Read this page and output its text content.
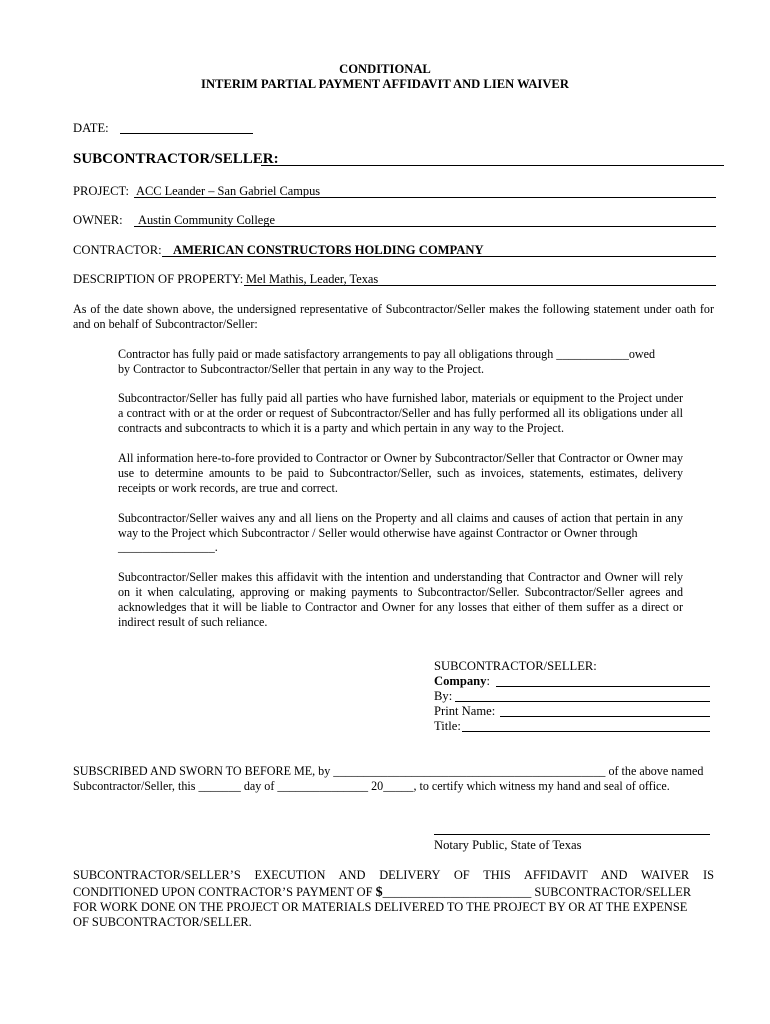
CONDITIONAL
INTERIM PARTIAL PAYMENT AFFIDAVIT AND LIEN WAIVER
DATE:
SUBCONTRACTOR/SELLER:
PROJECT: ACC Leander – San Gabriel Campus
OWNER: Austin Community College
CONTRACTOR: AMERICAN CONSTRUCTORS HOLDING COMPANY
DESCRIPTION OF PROPERTY: Mel Mathis, Leader, Texas
As of the date shown above, the undersigned representative of Subcontractor/Seller makes the following statement under oath for and on behalf of Subcontractor/Seller:
Contractor has fully paid or made satisfactory arrangements to pay all obligations through ____________owed
by Contractor to Subcontractor/Seller that pertain in any way to the Project.
Subcontractor/Seller has fully paid all parties who have furnished labor, materials or equipment to the Project under a contract with or at the order or request of Subcontractor/Seller and has fully performed all its obligations under all contracts and subcontracts to which it is a party and which pertain in any way to the Project.
All information here-to-fore provided to Contractor or Owner by Subcontractor/Seller that Contractor or Owner may use to determine amounts to be paid to Subcontractor/Seller, such as invoices, statements, estimates, delivery receipts or work records, are true and correct.
Subcontractor/Seller waives any and all liens on the Property and all claims and causes of action that pertain in any way to the Project which Subcontractor / Seller would otherwise have against Contractor or Owner through
________________.
Subcontractor/Seller makes this affidavit with the intention and understanding that Contractor and Owner will rely on it when calculating, approving or making payments to Subcontractor/Seller. Subcontractor/Seller agrees and acknowledges that it will be liable to Contractor and Owner for any losses that either of them suffer as a direct or indirect result of such reliance.
SUBCONTRACTOR/SELLER:
Company:
By:
Print Name:
Title:
SUBSCRIBED AND SWORN TO BEFORE ME, by _____________________________________________ of the above named
Subcontractor/Seller, this _______ day of _______________ 20_____, to certify which witness my hand and seal of office.
Notary Public, State of Texas
SUBCONTRACTOR/SELLER’S EXECUTION AND DELIVERY OF THIS AFFIDAVIT AND WAIVER IS
CONDITIONED UPON CONTRACTOR’S PAYMENT OF $________________________ SUBCONTRACTOR/SELLER
FOR WORK DONE ON THE PROJECT OR MATERIALS DELIVERED TO THE PROJECT BY OR AT THE EXPENSE
OF SUBCONTRACTOR/SELLER.
